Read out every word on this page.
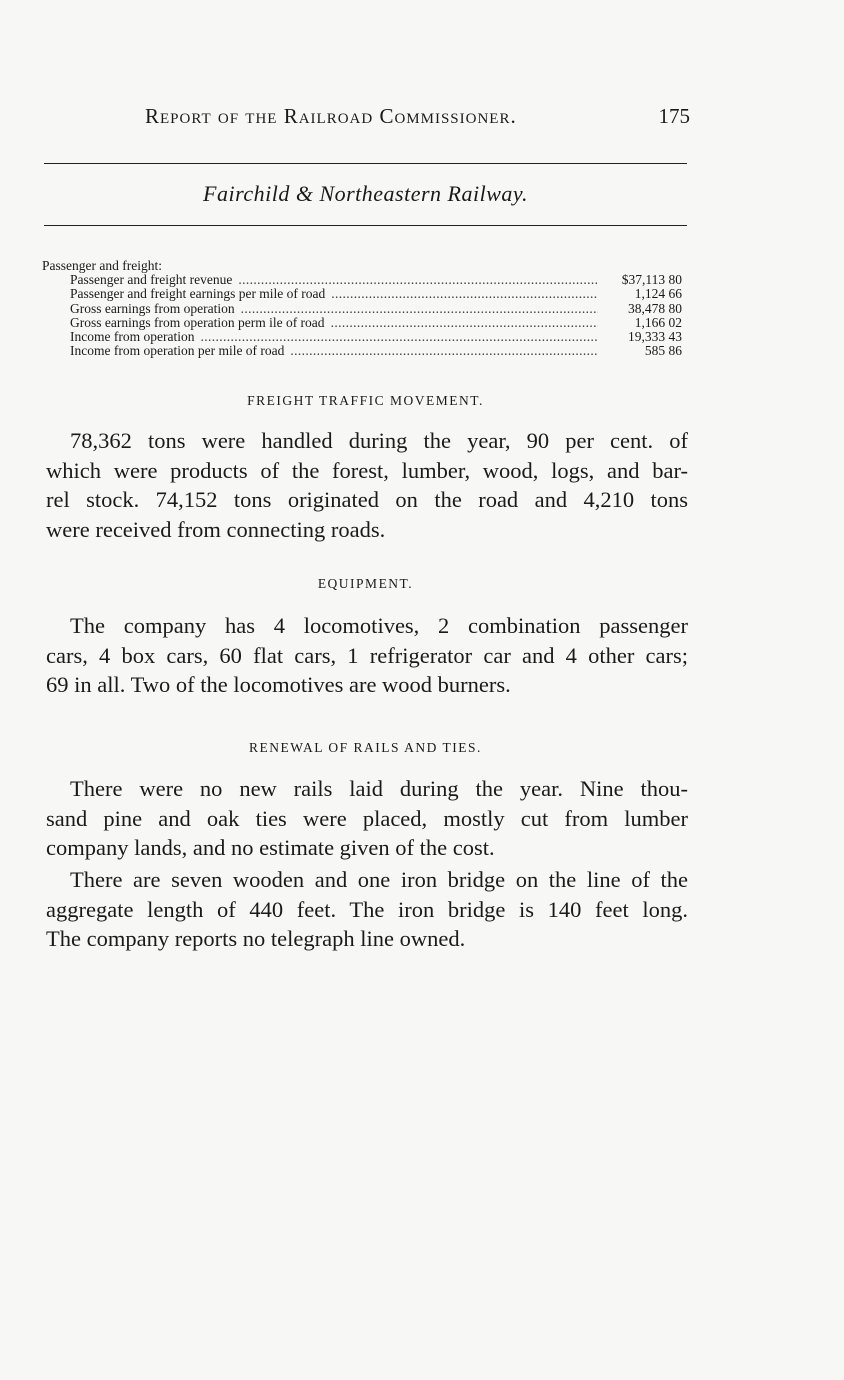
Report of the Railroad Commissioner.	175
Fairchild & Northeastern Railway.
Passenger and freight:
Passenger and freight revenue . . .	$37,113 80
Passenger and freight earnings per mile of road . . .	1,124 66
Gross earnings from operation . . .	38,478 80
Gross earnings from operation perm ile of road . . .	1,166 02
Income from operation . . .	19,333 43
Income from operation per mile of road . . .	585 86
FREIGHT TRAFFIC MOVEMENT.
78,362 tons were handled during the year, 90 per cent. of
which were products of the forest, lumber, wood, logs, and bar-
rel stock. 74,152 tons originated on the road and 4,210 tons
were received from connecting roads.
EQUIPMENT.
The company has 4 locomotives, 2 combination passenger
cars, 4 box cars, 60 flat cars, 1 refrigerator car and 4 other cars;
69 in all. Two of the locomotives are wood burners.
RENEWAL OF RAILS AND TIES.
There were no new rails laid during the year. Nine thou-
sand pine and oak ties were placed, mostly cut from lumber
company lands, and no estimate given of the cost.
There are seven wooden and one iron bridge on the line of the
aggregate length of 440 feet. The iron bridge is 140 feet long.
The company reports no telegraph line owned.
